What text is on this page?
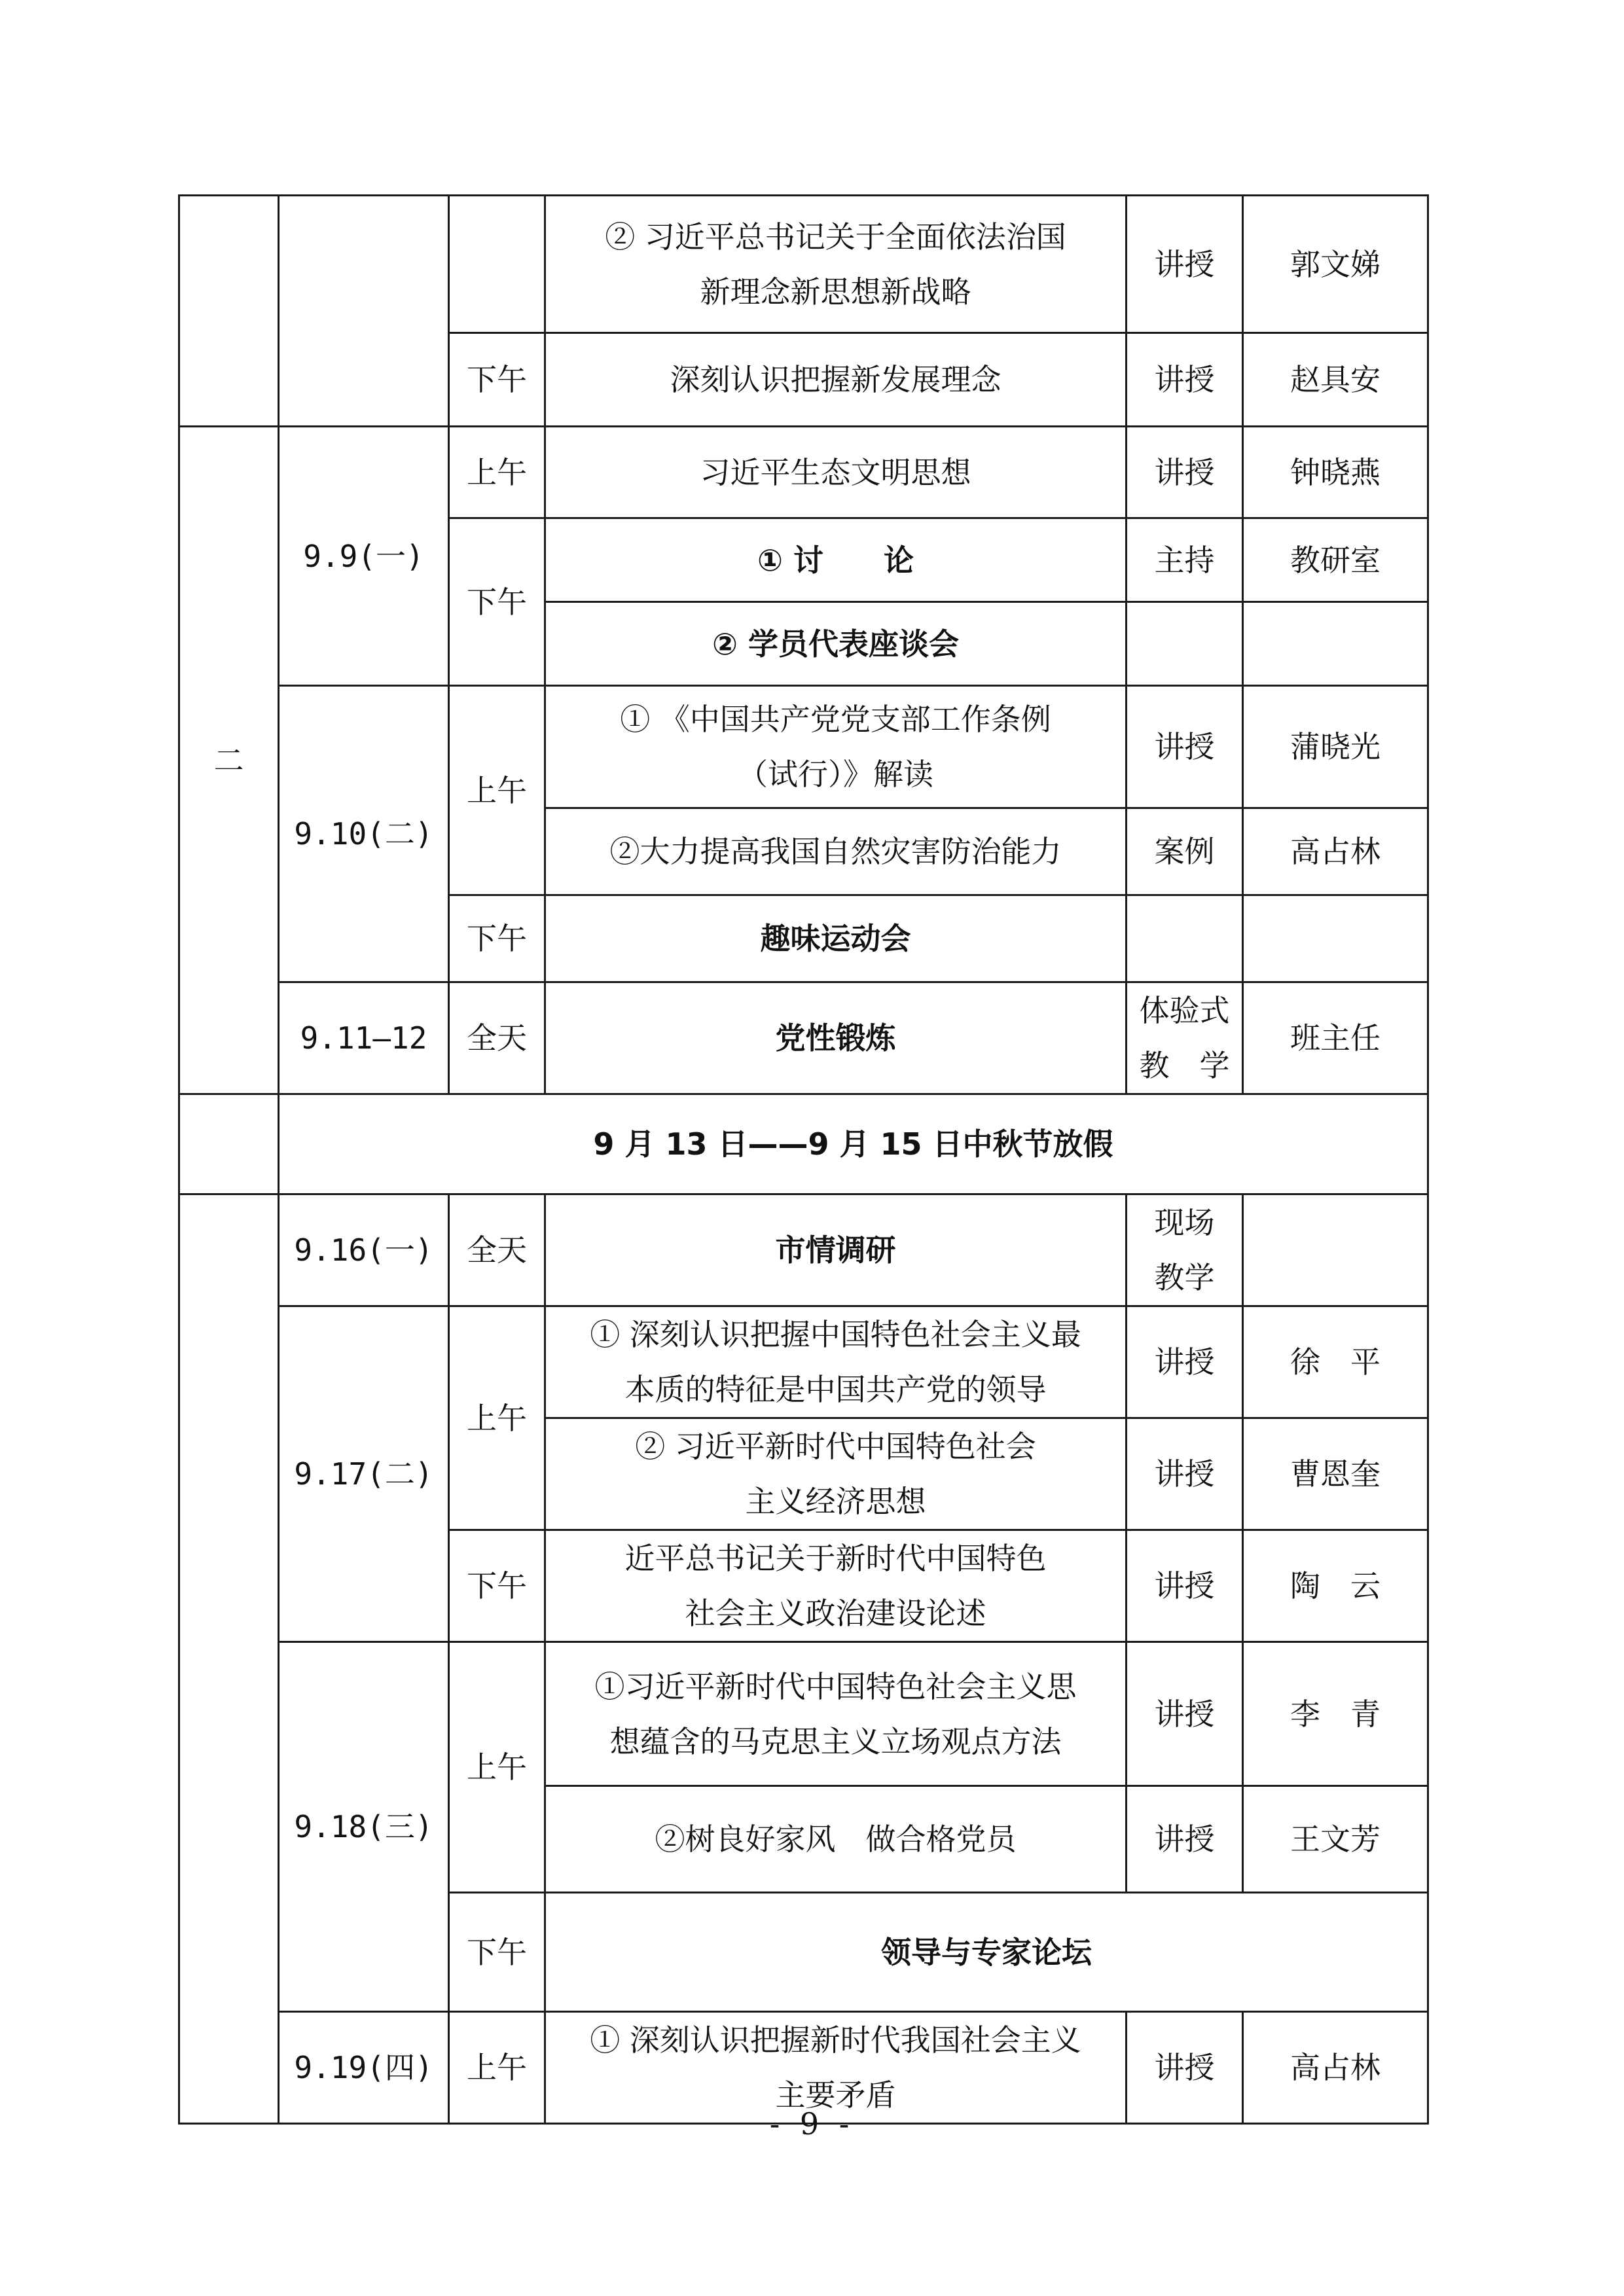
			② 习近平总书记关于全面依法治国
新理念新思想新战略	讲授	郭文娣
		下午	深刻认识把握新发展理念	讲授	赵具安
二	9.9(一)	上午	习近平生态文明思想	讲授	钟晓燕
		下午	① 讨　　论	主持	教研室
			② 学员代表座谈会		
	9.10(二)	上午	① 《中国共产党党支部工作条例
（试行）》解读	讲授	蒲晓光
			②大力提高我国自然灾害防治能力	案例	高占林
		下午	趣味运动会		
	9.11—12	全天	党性锻炼	体验式
教　学	班主任
	9 月 13 日——9 月 15 日中秋节放假				
	9.16(一)	全天	市情调研	现场
教学	

	9.17(二)	上午	① 深刻认识把握中国特色社会主义最
本质的特征是中国共产党的领导	讲授	徐　平

			② 习近平新时代中国特色社会
主义经济思想	讲授	曹恩奎
		下午	近平总书记关于新时代中国特色
社会主义政治建设论述	讲授	陶　云
	9.18(三)	上午	①习近平新时代中国特色社会主义思
想蕴含的马克思主义立场观点方法	讲授	李　青
			②树良好家风　做合格党员	讲授	王文芳
		下午	领导与专家论坛		
	9.19(四)	上午	① 深刻认识把握新时代我国社会主义
主要矛盾	讲授	高占林
- 9 -
